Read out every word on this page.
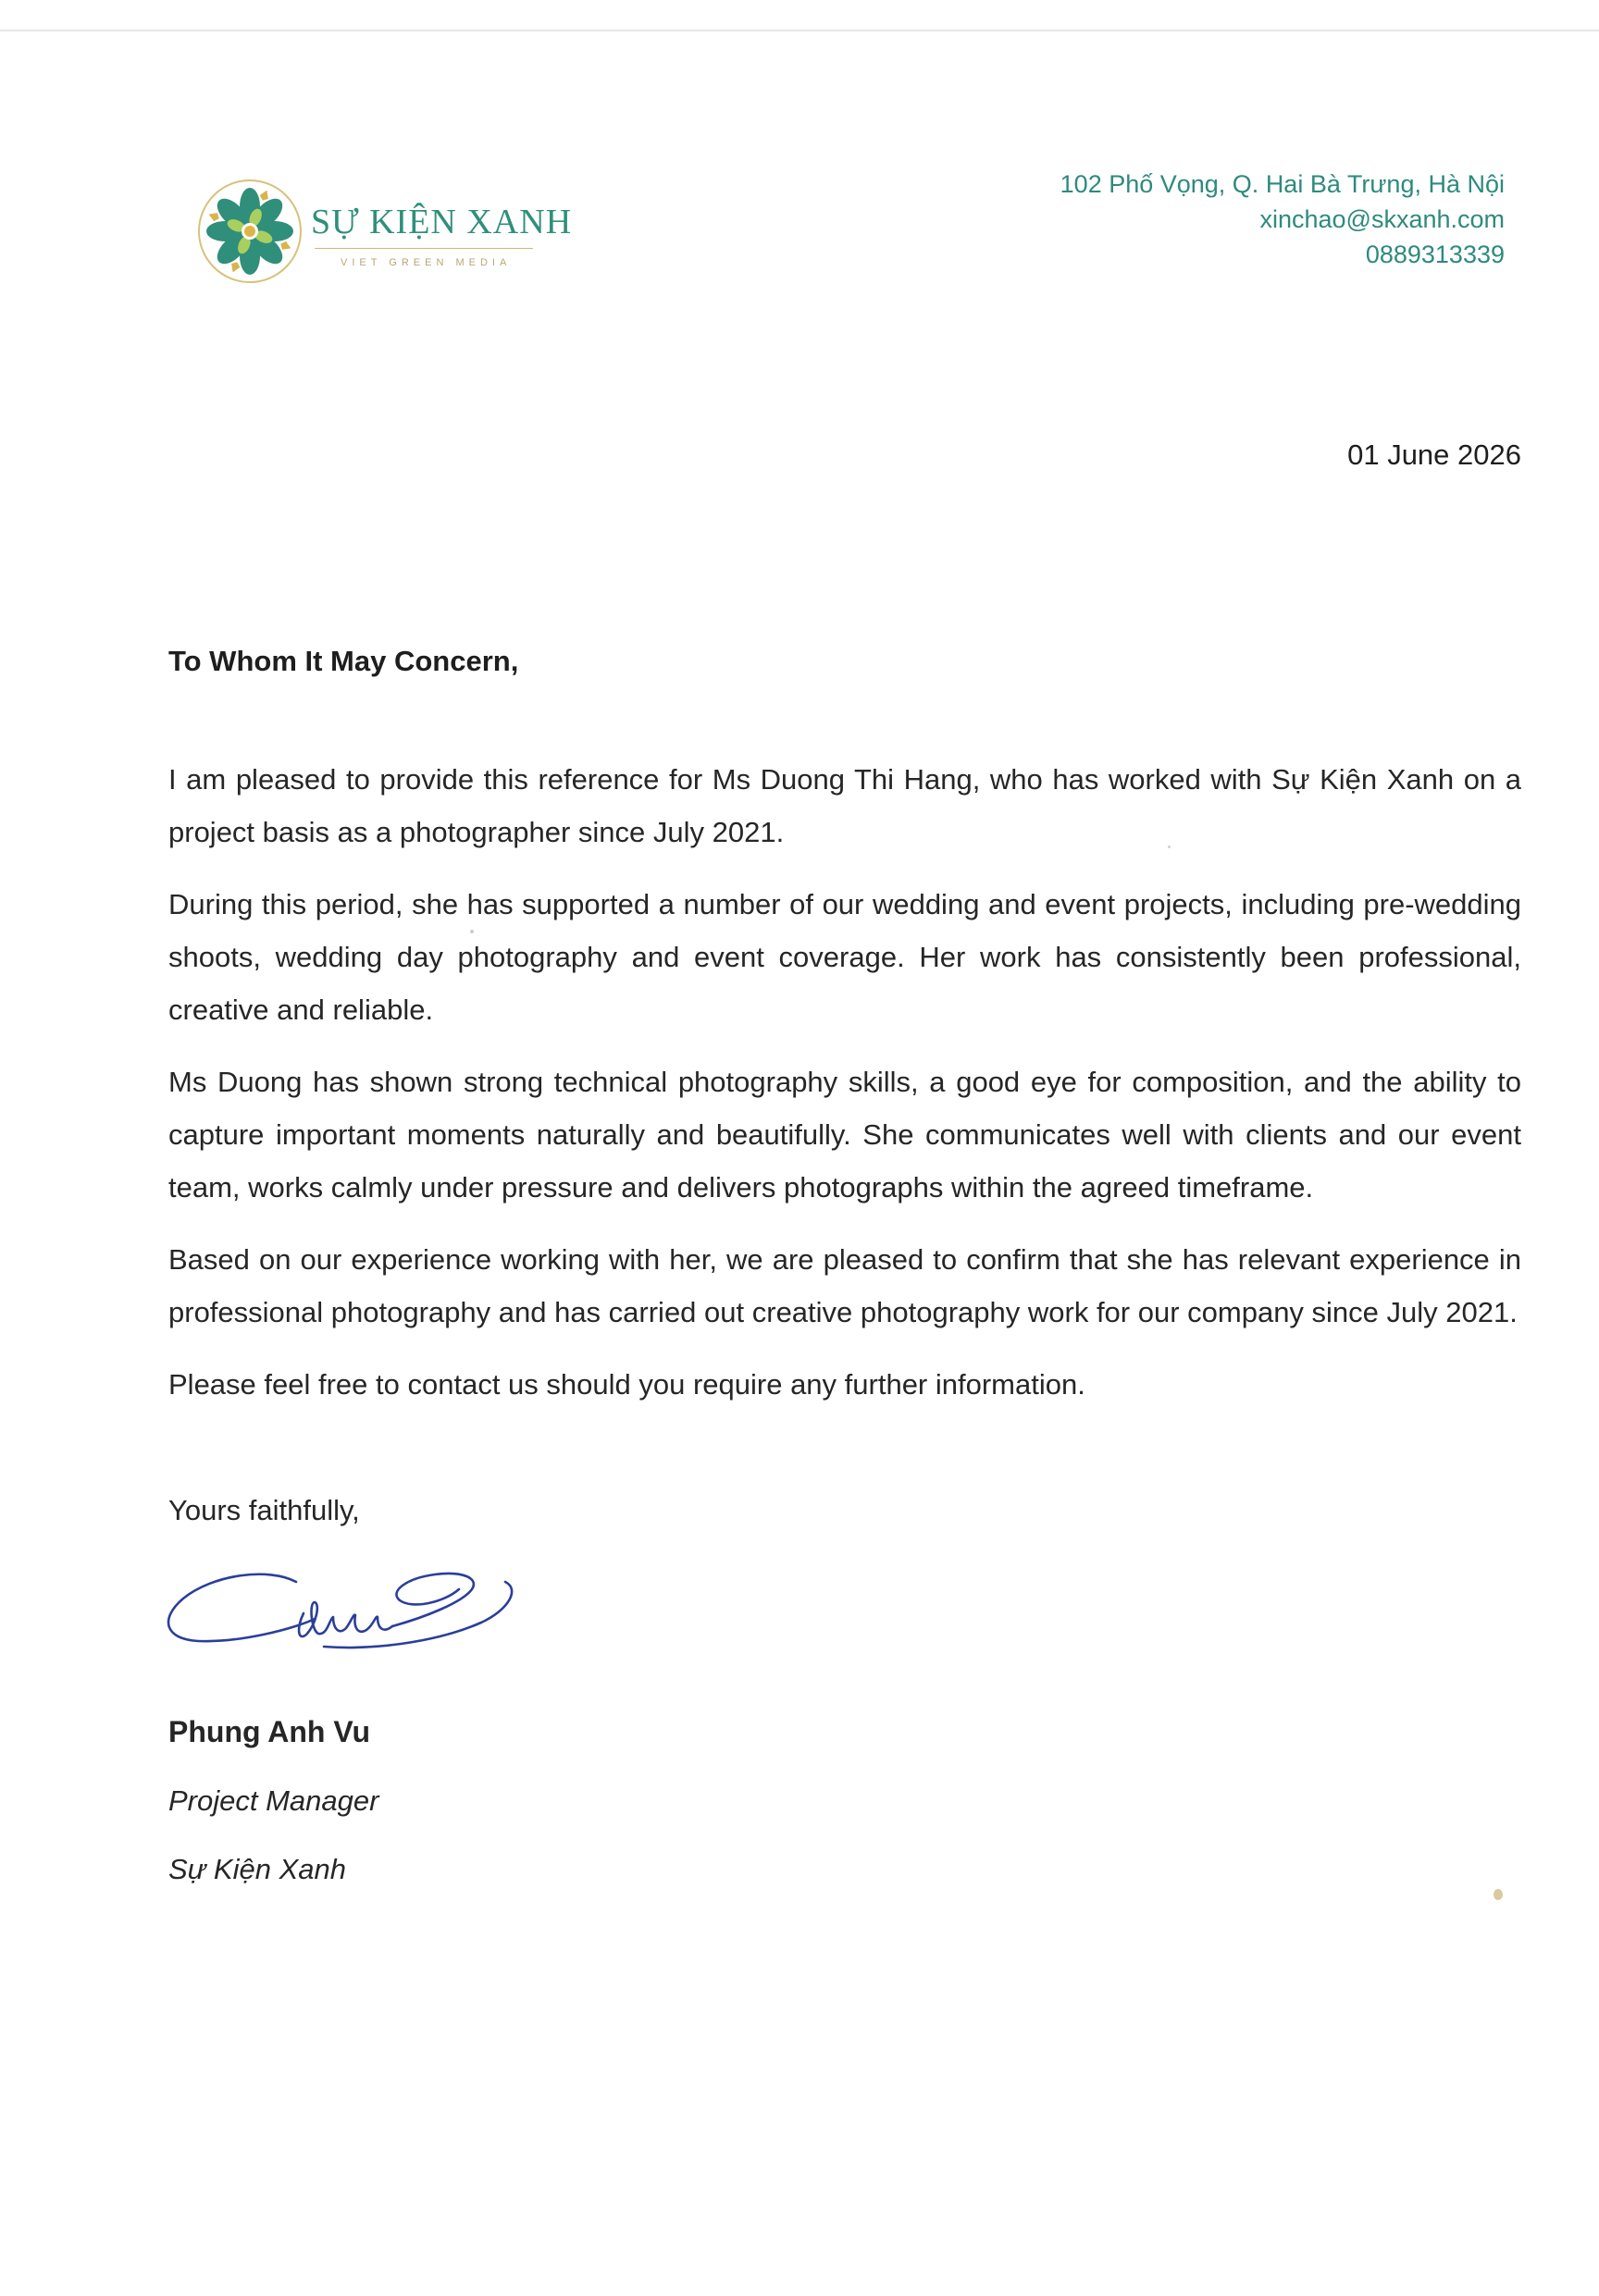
SỰ KIỆN XANH
VIET GREEN MEDIA
102 Phố Vọng, Q. Hai Bà Trưng, Hà Nội
xinchao@skxanh.com
0889313339
01 June 2026
To Whom It May Concern,

I am pleased to provide this reference for Ms Duong Thi Hang, who has worked with Sự Kiện Xanh on a project basis as a photographer since July 2021.

During this period, she has supported a number of our wedding and event projects, including pre-wedding shoots, wedding day photography and event coverage. Her work has consistently been professional, creative and reliable.

Ms Duong has shown strong technical photography skills, a good eye for composition, and the ability to capture important moments naturally and beautifully. She communicates well with clients and our event team, works calmly under pressure and delivers photographs within the agreed timeframe.

Based on our experience working with her, we are pleased to confirm that she has relevant experience in professional photography and has carried out creative photography work for our company since July 2021.

Please feel free to contact us should you require any further information.

Yours faithfully,
Phung Anh Vu
Project Manager
Sự Kiện Xanh
